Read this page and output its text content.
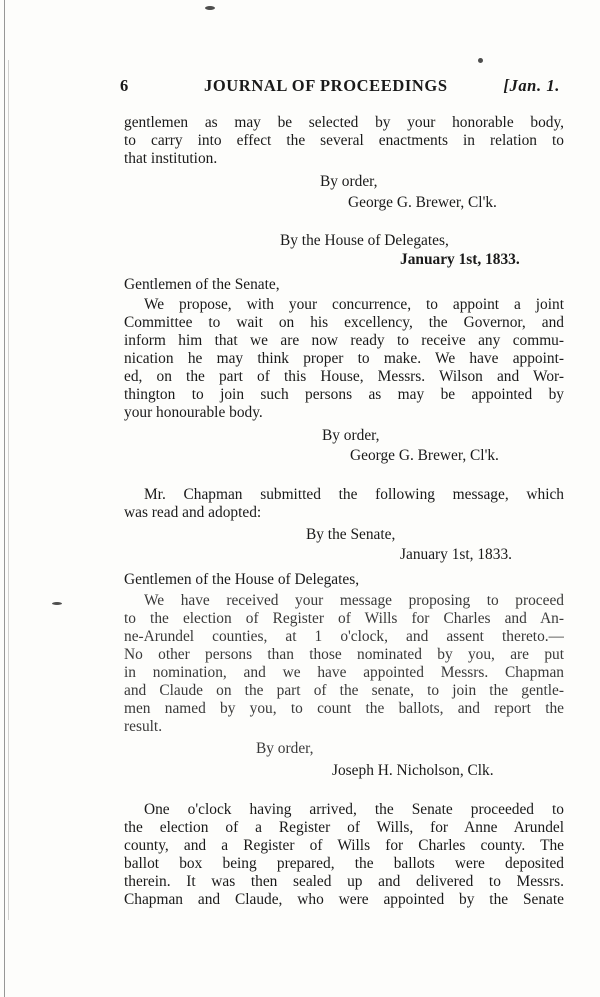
6	JOURNAL OF PROCEEDINGS	[Jan. 1.
gentlemen as may be selected by your honorable body,
to carry into effect the several enactments in relation to
that institution.
By order,
George G. Brewer, Cl'k.
By the House of Delegates,
January 1st, 1833.
Gentlemen of the Senate,
We propose, with your concurrence, to appoint a joint
Committee to wait on his excellency, the Governor, and
inform him that we are now ready to receive any commu-
nication he may think proper to make. We have appoint-
ed, on the part of this House, Messrs. Wilson and Wor-
thington to join such persons as may be appointed by
your honourable body.
By order,
George G. Brewer, Cl'k.
Mr. Chapman submitted the following message, which
was read and adopted:
By the Senate,
January 1st, 1833.
Gentlemen of the House of Delegates,
We have received your message proposing to proceed
to the election of Register of Wills for Charles and An-
ne-Arundel counties, at 1 o'clock, and assent thereto.—
No other persons than those nominated by you, are put
in nomination, and we have appointed Messrs. Chapman
and Claude on the part of the senate, to join the gentle-
men named by you, to count the ballots, and report the
result.
By order,
Joseph H. Nicholson, Clk.
One o'clock having arrived, the Senate proceeded to
the election of a Register of Wills, for Anne Arundel
county, and a Register of Wills for Charles county. The
ballot box being prepared, the ballots were deposited
therein. It was then sealed up and delivered to Messrs.
Chapman and Claude, who were appointed by the Senate
